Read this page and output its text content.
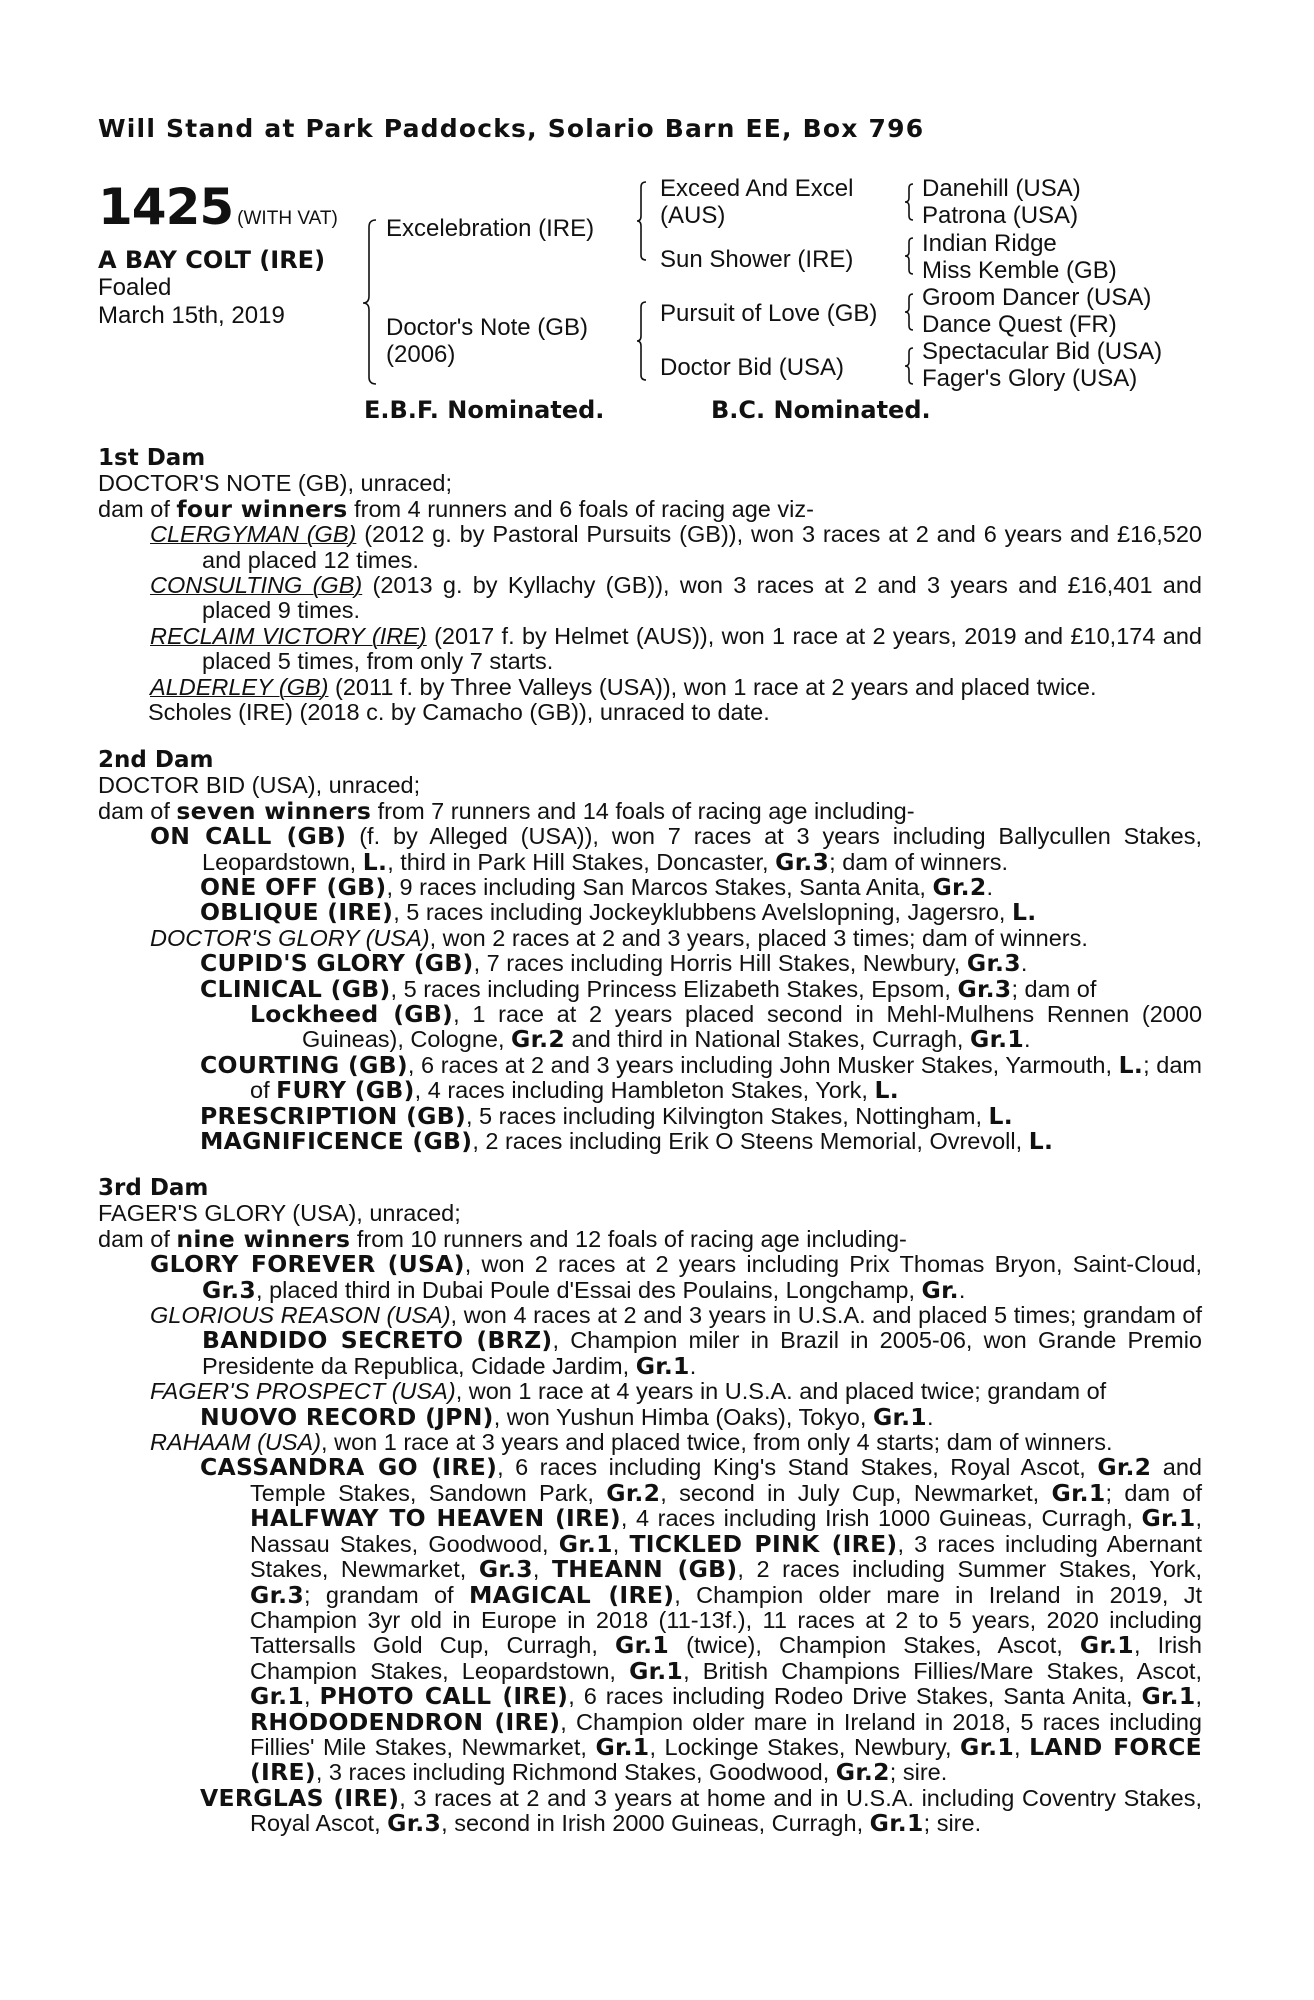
Will Stand at Park Paddocks, Solario Barn EE, Box 796
1425 (WITH VAT)
A BAY COLT (IRE)
Foaled
March 15th, 2019
Excelebration (IRE)
Doctor's Note (GB)
(2006)
Exceed And Excel
(AUS)
Sun Shower (IRE)
Pursuit of Love (GB)
Doctor Bid (USA)
Danehill (USA)
Patrona (USA)
Indian Ridge
Miss Kemble (GB)
Groom Dancer (USA)
Dance Quest (FR)
Spectacular Bid (USA)
Fager's Glory (USA)
E.B.F. Nominated.	B.C. Nominated.

1st Dam

DOCTOR'S NOTE (GB), unraced;

dam of four winners from 4 runners and 6 foals of racing age viz-

CLERGYMAN (GB) (2012 g. by Pastoral Pursuits (GB)), won 3 races at 2 and 6 years and £16,520 and placed 12 times.

CONSULTING (GB) (2013 g. by Kyllachy (GB)), won 3 races at 2 and 3 years and £16,401 and placed 9 times.

RECLAIM VICTORY (IRE) (2017 f. by Helmet (AUS)), won 1 race at 2 years, 2019 and £10,174 and placed 5 times, from only 7 starts.

ALDERLEY (GB) (2011 f. by Three Valleys (USA)), won 1 race at 2 years and placed twice.

Scholes (IRE) (2018 c. by Camacho (GB)), unraced to date.

2nd Dam

DOCTOR BID (USA), unraced;

dam of seven winners from 7 runners and 14 foals of racing age including-

ON CALL (GB) (f. by Alleged (USA)), won 7 races at 3 years including Ballycullen Stakes, Leopardstown, L., third in Park Hill Stakes, Doncaster, Gr.3; dam of winners.

ONE OFF (GB), 9 races including San Marcos Stakes, Santa Anita, Gr.2.

OBLIQUE (IRE), 5 races including Jockeyklubbens Avelslopning, Jagersro, L.

DOCTOR'S GLORY (USA), won 2 races at 2 and 3 years, placed 3 times; dam of winners.

CUPID'S GLORY (GB), 7 races including Horris Hill Stakes, Newbury, Gr.3.

CLINICAL (GB), 5 races including Princess Elizabeth Stakes, Epsom, Gr.3; dam of

Lockheed (GB), 1 race at 2 years placed second in Mehl-Mulhens Rennen (2000 Guineas), Cologne, Gr.2 and third in National Stakes, Curragh, Gr.1.

COURTING (GB), 6 races at 2 and 3 years including John Musker Stakes, Yarmouth, L.; dam of FURY (GB), 4 races including Hambleton Stakes, York, L.

PRESCRIPTION (GB), 5 races including Kilvington Stakes, Nottingham, L.

MAGNIFICENCE (GB), 2 races including Erik O Steens Memorial, Ovrevoll, L.

3rd Dam

FAGER'S GLORY (USA), unraced;

dam of nine winners from 10 runners and 12 foals of racing age including-

GLORY FOREVER (USA), won 2 races at 2 years including Prix Thomas Bryon, Saint-Cloud, Gr.3, placed third in Dubai Poule d'Essai des Poulains, Longchamp, Gr..

GLORIOUS REASON (USA), won 4 races at 2 and 3 years in U.S.A. and placed 5 times; grandam of BANDIDO SECRETO (BRZ), Champion miler in Brazil in 2005-06, won Grande Premio Presidente da Republica, Cidade Jardim, Gr.1.

FAGER'S PROSPECT (USA), won 1 race at 4 years in U.S.A. and placed twice; grandam of

NUOVO RECORD (JPN), won Yushun Himba (Oaks), Tokyo, Gr.1.

RAHAAM (USA), won 1 race at 3 years and placed twice, from only 4 starts; dam of winners.

CASSANDRA GO (IRE), 6 races including King's Stand Stakes, Royal Ascot, Gr.2 and Temple Stakes, Sandown Park, Gr.2, second in July Cup, Newmarket, Gr.1; dam of HALFWAY TO HEAVEN (IRE), 4 races including Irish 1000 Guineas, Curragh, Gr.1, Nassau Stakes, Goodwood, Gr.1, TICKLED PINK (IRE), 3 races including Abernant Stakes, Newmarket, Gr.3, THEANN (GB), 2 races including Summer Stakes, York, Gr.3; grandam of MAGICAL (IRE), Champion older mare in Ireland in 2019, Jt Champion 3yr old in Europe in 2018 (11-13f.), 11 races at 2 to 5 years, 2020 including Tattersalls Gold Cup, Curragh, Gr.1 (twice), Champion Stakes, Ascot, Gr.1, Irish Champion Stakes, Leopardstown, Gr.1, British Champions Fillies/Mare Stakes, Ascot, Gr.1, PHOTO CALL (IRE), 6 races including Rodeo Drive Stakes, Santa Anita, Gr.1, RHODODENDRON (IRE), Champion older mare in Ireland in 2018, 5 races including Fillies' Mile Stakes, Newmarket, Gr.1, Lockinge Stakes, Newbury, Gr.1, LAND FORCE (IRE), 3 races including Richmond Stakes, Goodwood, Gr.2; sire.

VERGLAS (IRE), 3 races at 2 and 3 years at home and in U.S.A. including Coventry Stakes, Royal Ascot, Gr.3, second in Irish 2000 Guineas, Curragh, Gr.1; sire.
